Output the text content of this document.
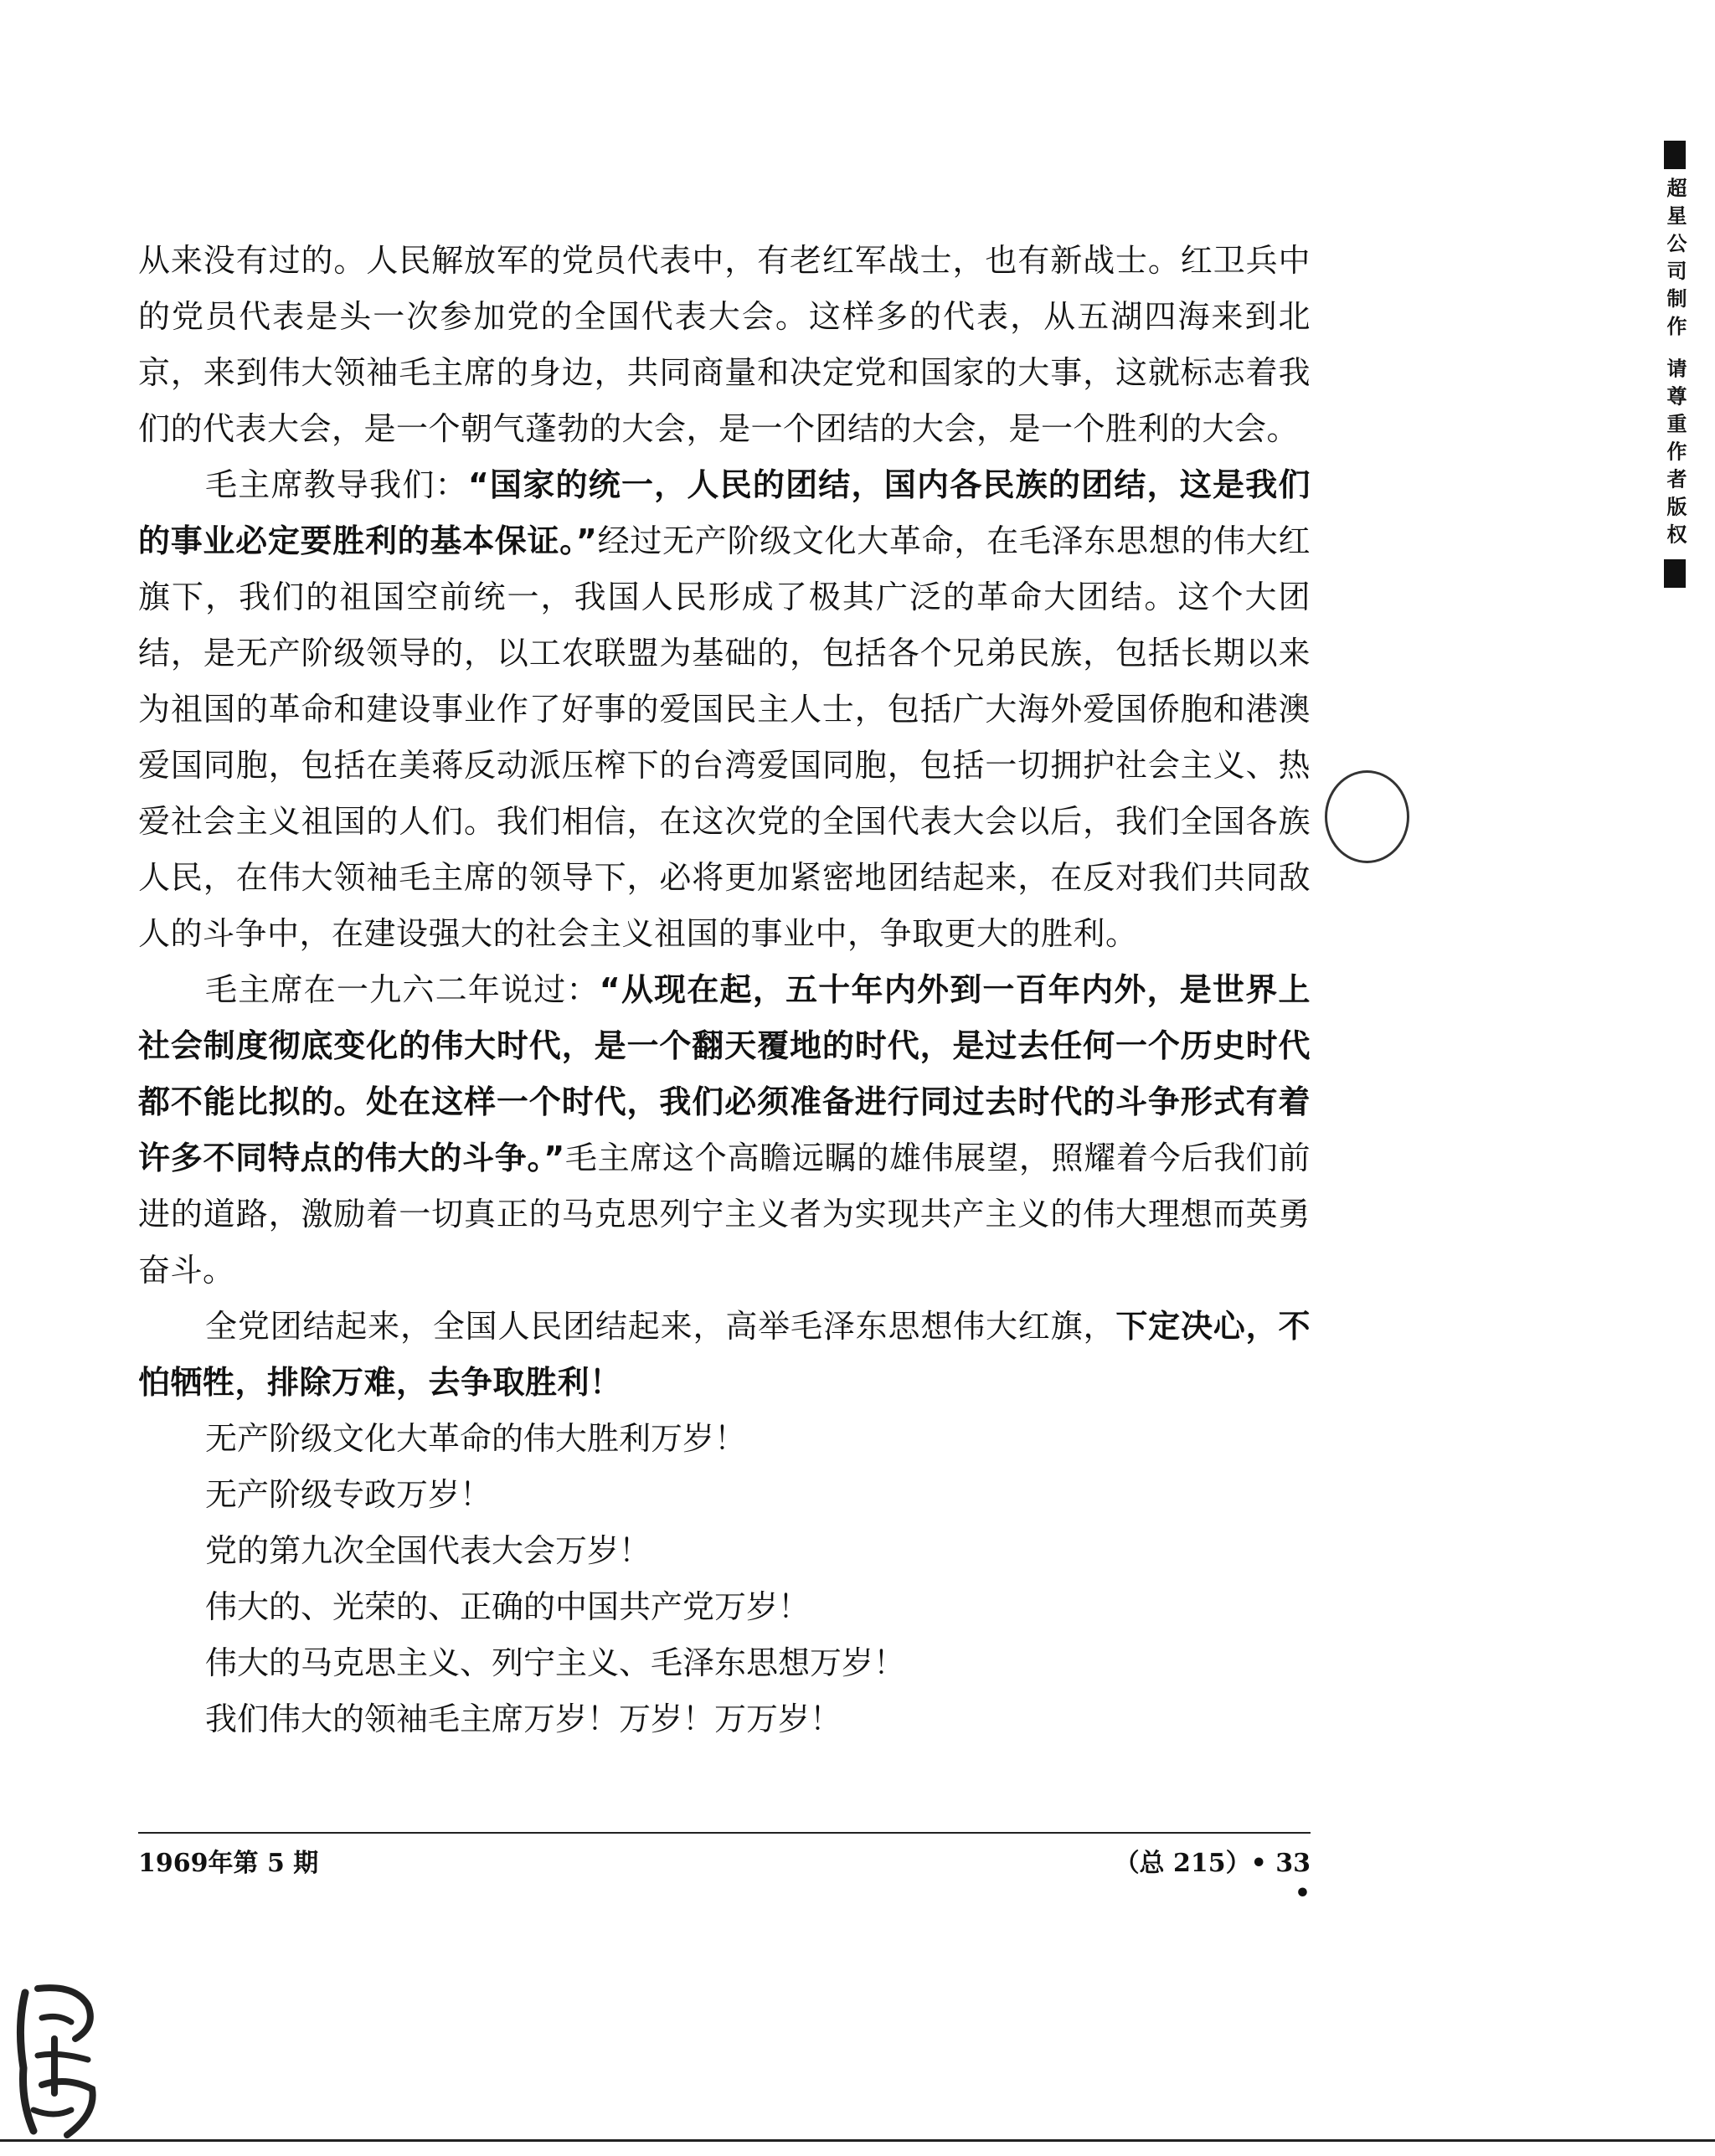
从来没有过的。人民解放军的党员代表中，有老红军战士，也有新战士。红卫兵中的党员代表是头一次参加党的全国代表大会。这样多的代表，从五湖四海来到北京，来到伟大领袖毛主席的身边，共同商量和决定党和国家的大事，这就标志着我们的代表大会，是一个朝气蓬勃的大会，是一个团结的大会，是一个胜利的大会。

毛主席教导我们：“国家的统一，人民的团结，国内各民族的团结，这是我们的事业必定要胜利的基本保证。”经过无产阶级文化大革命，在毛泽东思想的伟大红旗下，我们的祖国空前统一，我国人民形成了极其广泛的革命大团结。这个大团结，是无产阶级领导的，以工农联盟为基础的，包括各个兄弟民族，包括长期以来为祖国的革命和建设事业作了好事的爱国民主人士，包括广大海外爱国侨胞和港澳爱国同胞，包括在美蒋反动派压榨下的台湾爱国同胞，包括一切拥护社会主义、热爱社会主义祖国的人们。我们相信，在这次党的全国代表大会以后，我们全国各族人民，在伟大领袖毛主席的领导下，必将更加紧密地团结起来，在反对我们共同敌人的斗争中，在建设强大的社会主义祖国的事业中，争取更大的胜利。

毛主席在一九六二年说过：“从现在起，五十年内外到一百年内外，是世界上社会制度彻底变化的伟大时代，是一个翻天覆地的时代，是过去任何一个历史时代都不能比拟的。处在这样一个时代，我们必须准备进行同过去时代的斗争形式有着许多不同特点的伟大的斗争。”毛主席这个高瞻远瞩的雄伟展望，照耀着今后我们前进的道路，激励着一切真正的马克思列宁主义者为实现共产主义的伟大理想而英勇奋斗。

全党团结起来，全国人民团结起来，高举毛泽东思想伟大红旗，下定决心，不怕牺牲，排除万难，去争取胜利！

无产阶级文化大革命的伟大胜利万岁！

无产阶级专政万岁！

党的第九次全国代表大会万岁！

伟大的、光荣的、正确的中国共产党万岁！

伟大的马克思主义、列宁主义、毛泽东思想万岁！

我们伟大的领袖毛主席万岁！万岁！万万岁！

1969年第 5 期	（总 215）• 33 •
超星公司制作 请尊重作者版权
